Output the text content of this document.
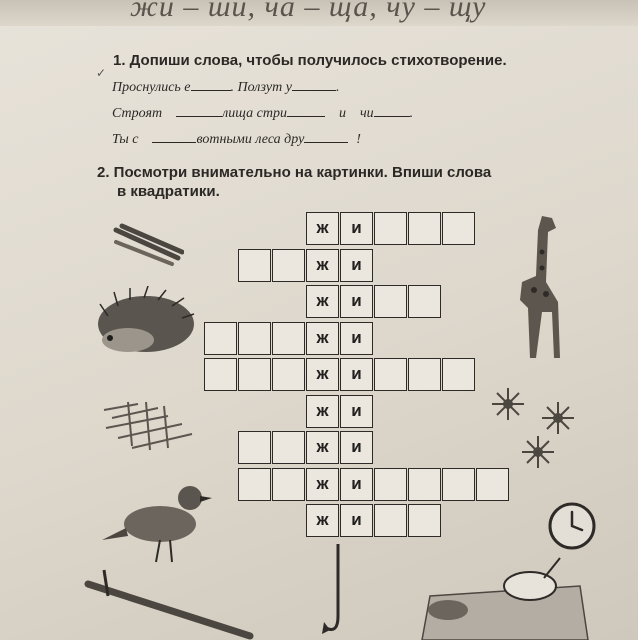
жи – ши, ча – ща, чу – щу
1. Допиши слова, чтобы получилось стихотворение.
✓
Проснулись е	. Ползут у	.
Строят	лища стри	и чи	.
Ты с	вотными леса дру	!
2. Посмотри внимательно на картинки. Впиши слова
в квадратики.
ж	и
ж	и
ж	и
ж	и
ж	и
ж	и
ж	и
ж	и
ж	и
